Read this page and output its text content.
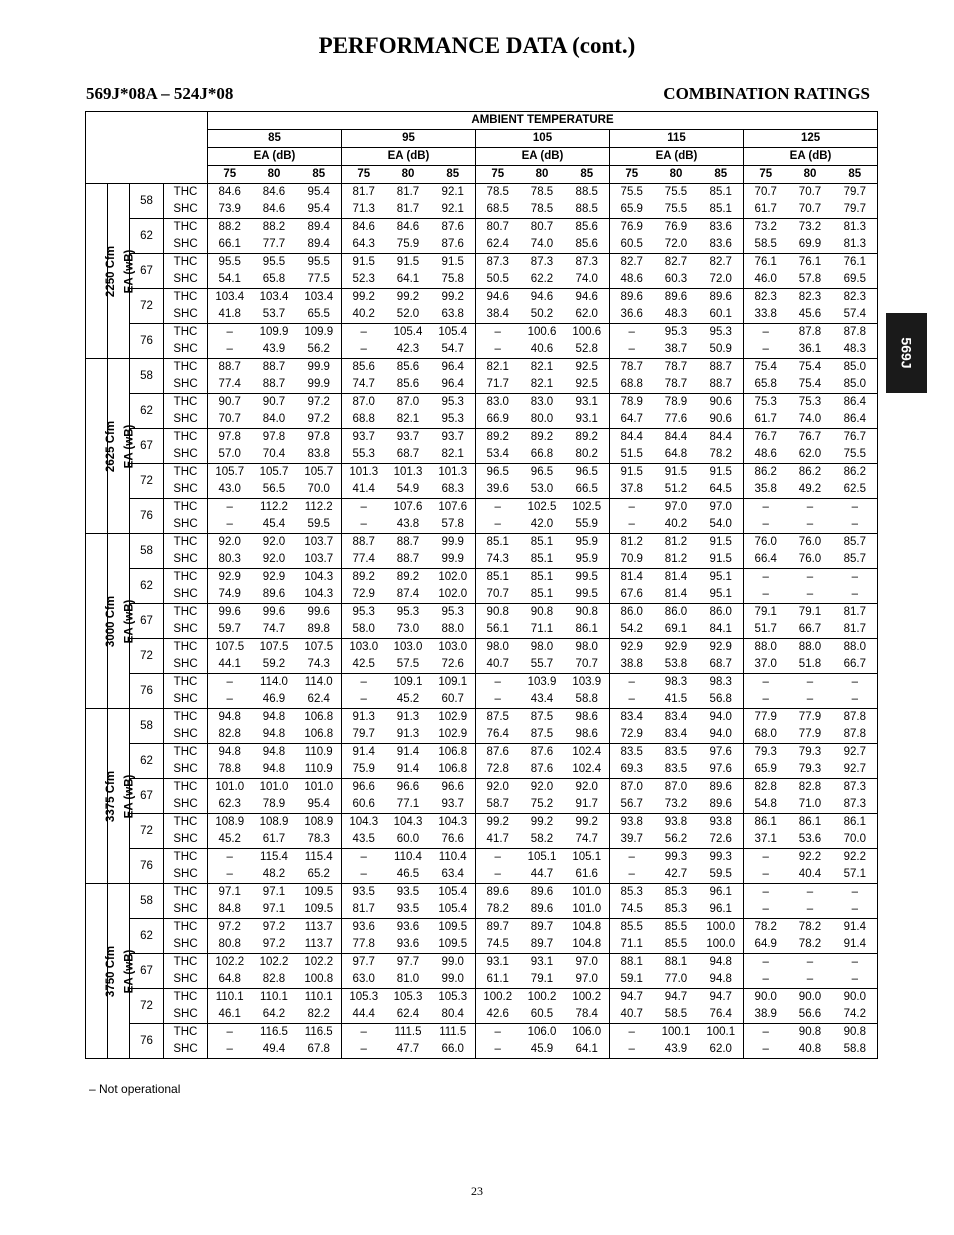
PERFORMANCE DATA (cont.)
569J*08A – 524J*08	COMBINATION RATINGS
569J
				AMBIENT TEMPERATURE														
				85			95			105			115			125		
				EA (dB)			EA (dB)			EA (dB)			EA (dB)			EA (dB)		
				75	80	85	75	80	85	75	80	85	75	80	85	75	80	85
2250 Cfm	EA (wB)	58	THC	84.6	84.6	95.4	81.7	81.7	92.1	78.5	78.5	88.5	75.5	75.5	85.1	70.7	70.7	79.7
			SHC	73.9	84.6	95.4	71.3	81.7	92.1	68.5	78.5	88.5	65.9	75.5	85.1	61.7	70.7	79.7
		62	THC	88.2	88.2	89.4	84.6	84.6	87.6	80.7	80.7	85.6	76.9	76.9	83.6	73.2	73.2	81.3
			SHC	66.1	77.7	89.4	64.3	75.9	87.6	62.4	74.0	85.6	60.5	72.0	83.6	58.5	69.9	81.3
		67	THC	95.5	95.5	95.5	91.5	91.5	91.5	87.3	87.3	87.3	82.7	82.7	82.7	76.1	76.1	76.1
			SHC	54.1	65.8	77.5	52.3	64.1	75.8	50.5	62.2	74.0	48.6	60.3	72.0	46.0	57.8	69.5
		72	THC	103.4	103.4	103.4	99.2	99.2	99.2	94.6	94.6	94.6	89.6	89.6	89.6	82.3	82.3	82.3
			SHC	41.8	53.7	65.5	40.2	52.0	63.8	38.4	50.2	62.0	36.6	48.3	60.1	33.8	45.6	57.4
		76	THC	–	109.9	109.9	–	105.4	105.4	–	100.6	100.6	–	95.3	95.3	–	87.8	87.8
			SHC	–	43.9	56.2	–	42.3	54.7	–	40.6	52.8	–	38.7	50.9	–	36.1	48.3
2625 Cfm	EA (wB)	58	THC	88.7	88.7	99.9	85.6	85.6	96.4	82.1	82.1	92.5	78.7	78.7	88.7	75.4	75.4	85.0
			SHC	77.4	88.7	99.9	74.7	85.6	96.4	71.7	82.1	92.5	68.8	78.7	88.7	65.8	75.4	85.0
		62	THC	90.7	90.7	97.2	87.0	87.0	95.3	83.0	83.0	93.1	78.9	78.9	90.6	75.3	75.3	86.4
			SHC	70.7	84.0	97.2	68.8	82.1	95.3	66.9	80.0	93.1	64.7	77.6	90.6	61.7	74.0	86.4
		67	THC	97.8	97.8	97.8	93.7	93.7	93.7	89.2	89.2	89.2	84.4	84.4	84.4	76.7	76.7	76.7
			SHC	57.0	70.4	83.8	55.3	68.7	82.1	53.4	66.8	80.2	51.5	64.8	78.2	48.6	62.0	75.5
		72	THC	105.7	105.7	105.7	101.3	101.3	101.3	96.5	96.5	96.5	91.5	91.5	91.5	86.2	86.2	86.2
			SHC	43.0	56.5	70.0	41.4	54.9	68.3	39.6	53.0	66.5	37.8	51.2	64.5	35.8	49.2	62.5
		76	THC	–	112.2	112.2	–	107.6	107.6	–	102.5	102.5	–	97.0	97.0	–	–	–
			SHC	–	45.4	59.5	–	43.8	57.8	–	42.0	55.9	–	40.2	54.0	–	–	–
3000 Cfm	EA (wB)	58	THC	92.0	92.0	103.7	88.7	88.7	99.9	85.1	85.1	95.9	81.2	81.2	91.5	76.0	76.0	85.7
			SHC	80.3	92.0	103.7	77.4	88.7	99.9	74.3	85.1	95.9	70.9	81.2	91.5	66.4	76.0	85.7
		62	THC	92.9	92.9	104.3	89.2	89.2	102.0	85.1	85.1	99.5	81.4	81.4	95.1	–	–	–
			SHC	74.9	89.6	104.3	72.9	87.4	102.0	70.7	85.1	99.5	67.6	81.4	95.1	–	–	–
		67	THC	99.6	99.6	99.6	95.3	95.3	95.3	90.8	90.8	90.8	86.0	86.0	86.0	79.1	79.1	81.7
			SHC	59.7	74.7	89.8	58.0	73.0	88.0	56.1	71.1	86.1	54.2	69.1	84.1	51.7	66.7	81.7
		72	THC	107.5	107.5	107.5	103.0	103.0	103.0	98.0	98.0	98.0	92.9	92.9	92.9	88.0	88.0	88.0
			SHC	44.1	59.2	74.3	42.5	57.5	72.6	40.7	55.7	70.7	38.8	53.8	68.7	37.0	51.8	66.7
		76	THC	–	114.0	114.0	–	109.1	109.1	–	103.9	103.9	–	98.3	98.3	–	–	–
			SHC	–	46.9	62.4	–	45.2	60.7	–	43.4	58.8	–	41.5	56.8	–	–	–
3375 Cfm	EA (wB)	58	THC	94.8	94.8	106.8	91.3	91.3	102.9	87.5	87.5	98.6	83.4	83.4	94.0	77.9	77.9	87.8
			SHC	82.8	94.8	106.8	79.7	91.3	102.9	76.4	87.5	98.6	72.9	83.4	94.0	68.0	77.9	87.8
		62	THC	94.8	94.8	110.9	91.4	91.4	106.8	87.6	87.6	102.4	83.5	83.5	97.6	79.3	79.3	92.7
			SHC	78.8	94.8	110.9	75.9	91.4	106.8	72.8	87.6	102.4	69.3	83.5	97.6	65.9	79.3	92.7
		67	THC	101.0	101.0	101.0	96.6	96.6	96.6	92.0	92.0	92.0	87.0	87.0	89.6	82.8	82.8	87.3
			SHC	62.3	78.9	95.4	60.6	77.1	93.7	58.7	75.2	91.7	56.7	73.2	89.6	54.8	71.0	87.3
		72	THC	108.9	108.9	108.9	104.3	104.3	104.3	99.2	99.2	99.2	93.8	93.8	93.8	86.1	86.1	86.1
			SHC	45.2	61.7	78.3	43.5	60.0	76.6	41.7	58.2	74.7	39.7	56.2	72.6	37.1	53.6	70.0
		76	THC	–	115.4	115.4	–	110.4	110.4	–	105.1	105.1	–	99.3	99.3	–	92.2	92.2
			SHC	–	48.2	65.2	–	46.5	63.4	–	44.7	61.6	–	42.7	59.5	–	40.4	57.1
3750 Cfm	EA (wB)	58	THC	97.1	97.1	109.5	93.5	93.5	105.4	89.6	89.6	101.0	85.3	85.3	96.1	–	–	–
			SHC	84.8	97.1	109.5	81.7	93.5	105.4	78.2	89.6	101.0	74.5	85.3	96.1	–	–	–
		62	THC	97.2	97.2	113.7	93.6	93.6	109.5	89.7	89.7	104.8	85.5	85.5	100.0	78.2	78.2	91.4
			SHC	80.8	97.2	113.7	77.8	93.6	109.5	74.5	89.7	104.8	71.1	85.5	100.0	64.9	78.2	91.4
		67	THC	102.2	102.2	102.2	97.7	97.7	99.0	93.1	93.1	97.0	88.1	88.1	94.8	–	–	–
			SHC	64.8	82.8	100.8	63.0	81.0	99.0	61.1	79.1	97.0	59.1	77.0	94.8	–	–	–
		72	THC	110.1	110.1	110.1	105.3	105.3	105.3	100.2	100.2	100.2	94.7	94.7	94.7	90.0	90.0	90.0
			SHC	46.1	64.2	82.2	44.4	62.4	80.4	42.6	60.5	78.4	40.7	58.5	76.4	38.9	56.6	74.2
		76	THC	–	116.5	116.5	–	111.5	111.5	–	106.0	106.0	–	100.1	100.1	–	90.8	90.8
			SHC	–	49.4	67.8	–	47.7	66.0	–	45.9	64.1	–	43.9	62.0	–	40.8	58.8
– Not operational
23
